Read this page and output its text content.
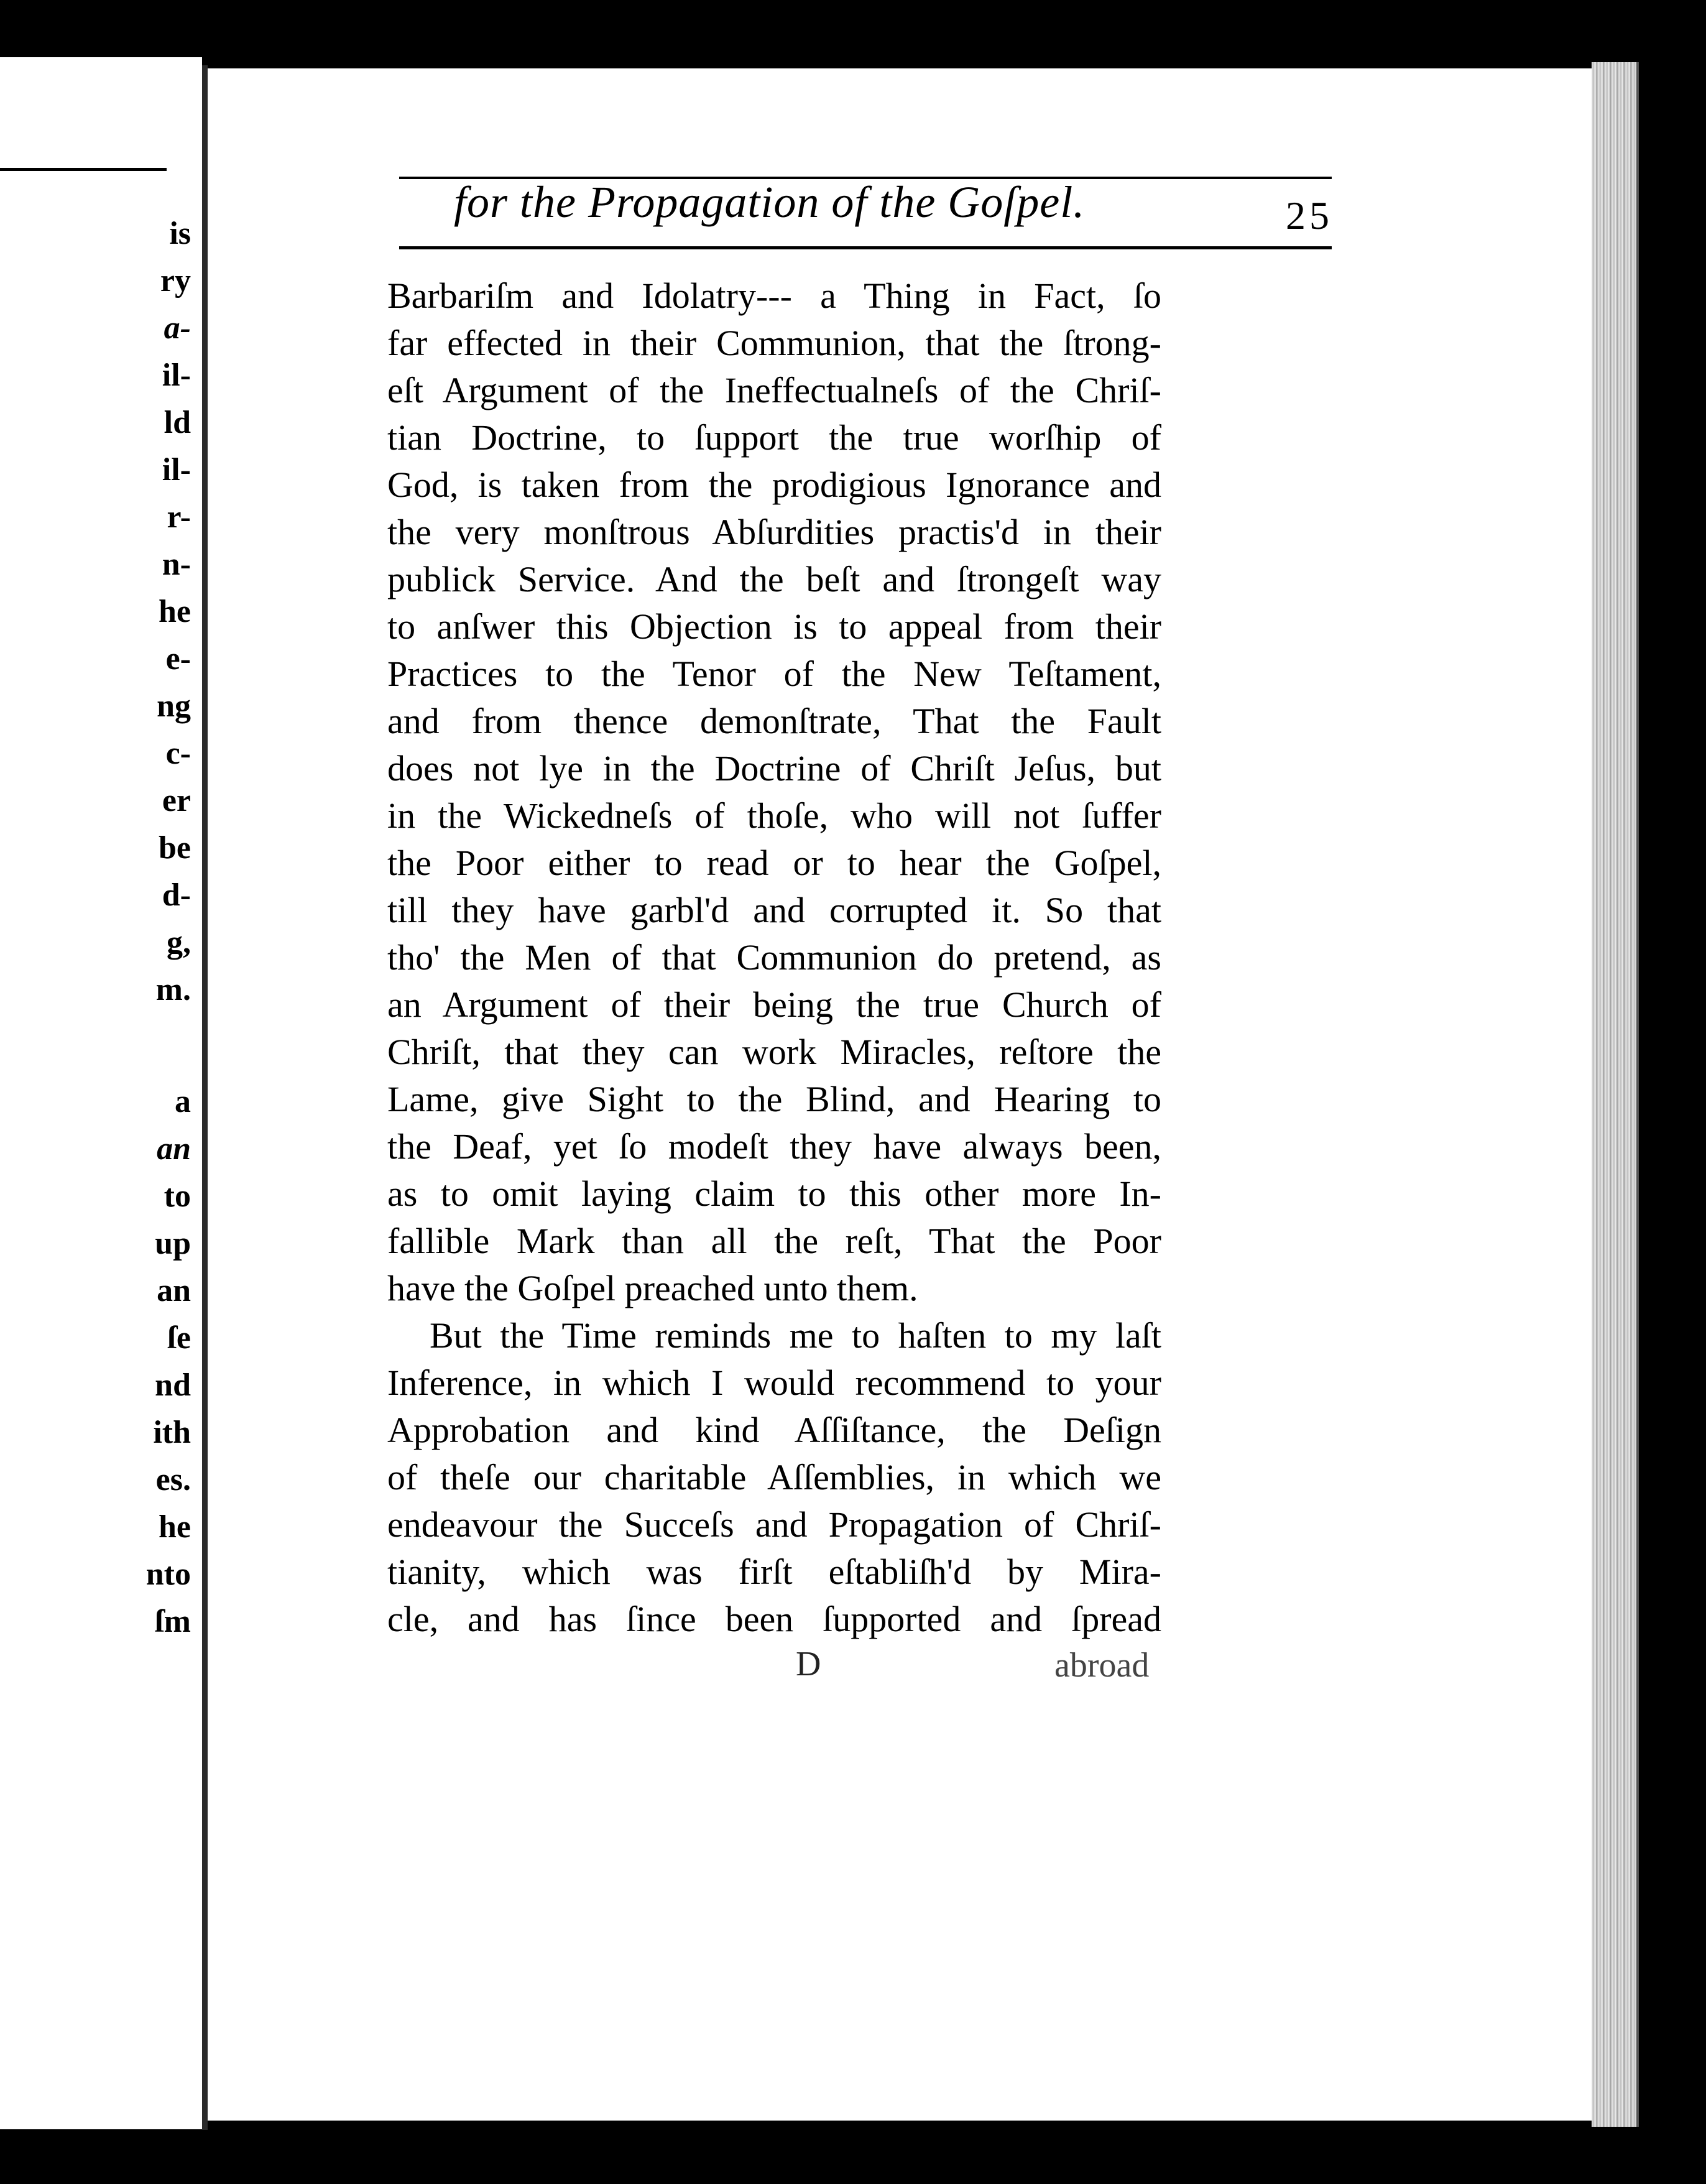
is
ry
a-
il-
ld
il-
r-
n-
he
e-
ng
c-
er
be
d-
g,
m.
a
an
to
up
an
ſe
nd
ith
es.
he
nto
ſm
for the Propagation of the Goſpel.	25
Barbariſm and Idolatry--- a Thing in Fact, ſo
far effected in their Communion, that the ſtrong-
eſt Argument of the Ineffectualneſs of the Chriſ-
tian Doctrine, to ſupport the true worſhip of
God, is taken from the prodigious Ignorance and
the very monſtrous Abſurdities practis'd in their
publick Service. And the beſt and ſtrongeſt way
to anſwer this Objection is to appeal from their
Practices to the Tenor of the New Teſtament,
and from thence demonſtrate, That the Fault
does not lye in the Doctrine of Chriſt Jeſus, but
in the Wickedneſs of thoſe, who will not ſuffer
the Poor either to read or to hear the Goſpel,
till they have garbl'd and corrupted it. So that
tho' the Men of that Communion do pretend, as
an Argument of their being the true Church of
Chriſt, that they can work Miracles, reſtore the
Lame, give Sight to the Blind, and Hearing to
the Deaf, yet ſo modeſt they have always been,
as to omit laying claim to this other more In-
fallible Mark than all the reſt, That the Poor
have the Goſpel preached unto them.
But the Time reminds me to haſten to my laſt
Inference, in which I would recommend to your
Approbation and kind Aſſiſtance, the Deſign
of theſe our charitable Aſſemblies, in which we
endeavour the Succeſs and Propagation of Chriſ-
tianity, which was firſt eſtabliſh'd by Mira-
cle, and has ſince been ſupported and ſpread
D	abroad
